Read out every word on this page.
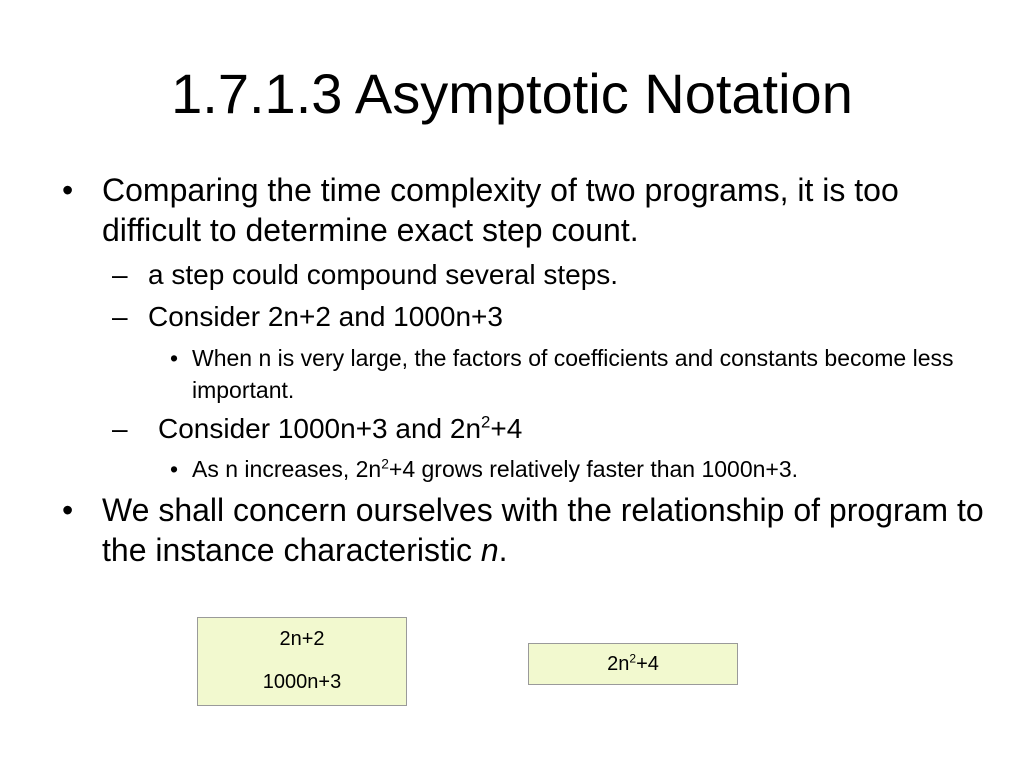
1.7.1.3 Asymptotic Notation
• Comparing the time complexity of two programs, it is too difficult to determine exact step count.
– a step could compound several steps.
– Consider 2n+2 and 1000n+3
• When n is very large, the factors of coefficients and constants become less important.
– Consider 1000n+3 and $2n^2+4$
• As n increases, $2n^2+4$ grows relatively faster than 1000n+3.
• We shall concern ourselves with the relationship of program to the instance characteristic n.
2n+2
1000n+3
$2n^2+4$
